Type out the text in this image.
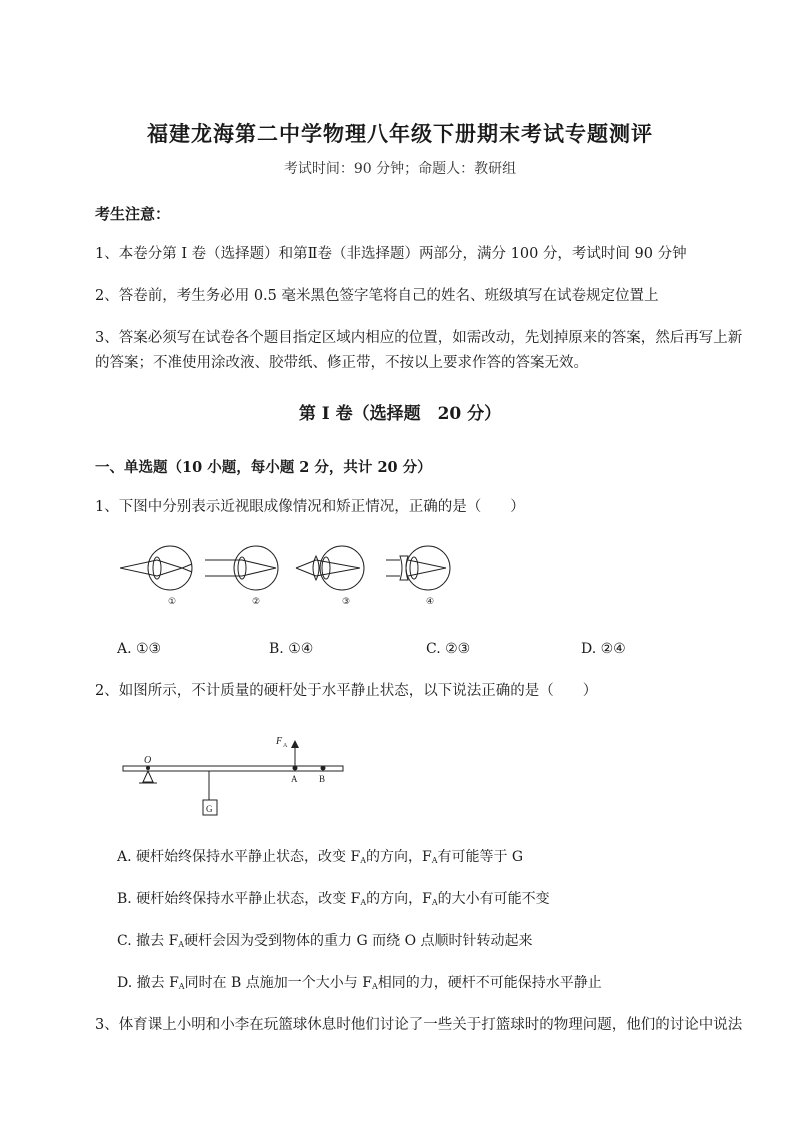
福建龙海第二中学物理八年级下册期末考试专题测评
考试时间：90 分钟；命题人：教研组
考生注意：
1、本卷分第 I 卷（选择题）和第Ⅱ卷（非选择题）两部分，满分 100 分，考试时间 90 分钟
2、答卷前，考生务必用 0.5 毫米黑色签字笔将自己的姓名、班级填写在试卷规定位置上
3、答案必须写在试卷各个题目指定区域内相应的位置，如需改动，先划掉原来的答案，然后再写上新
的答案；不准使用涂改液、胶带纸、修正带，不按以上要求作答的答案无效。
第 I 卷（选择题　20 分）
一、单选题（10 小题，每小题 2 分，共计 20 分）
1、下图中分别表示近视眼成像情况和矫正情况，正确的是（　　）
①	②	③	④
A. ①③	B. ①④	C. ②③	D. ②④
2、如图所示，不计质量的硬杆处于水平静止状态，以下说法正确的是（　　）
F A
O
A B
G
A. 硬杆始终保持水平静止状态，改变 $F_A$的方向，$F_A$有可能等于 G
B. 硬杆始终保持水平静止状态，改变 $F_A$的方向，$F_A$的大小有可能不变
C. 撤去 $F_A$硬杆会因为受到物体的重力 G 而绕 O 点顺时针转动起来
D. 撤去 $F_A$同时在 B 点施加一个大小与 $F_A$相同的力，硬杆不可能保持水平静止
3、体育课上小明和小李在玩篮球休息时他们讨论了一些关于打篮球时的物理问题，他们的讨论中说法
